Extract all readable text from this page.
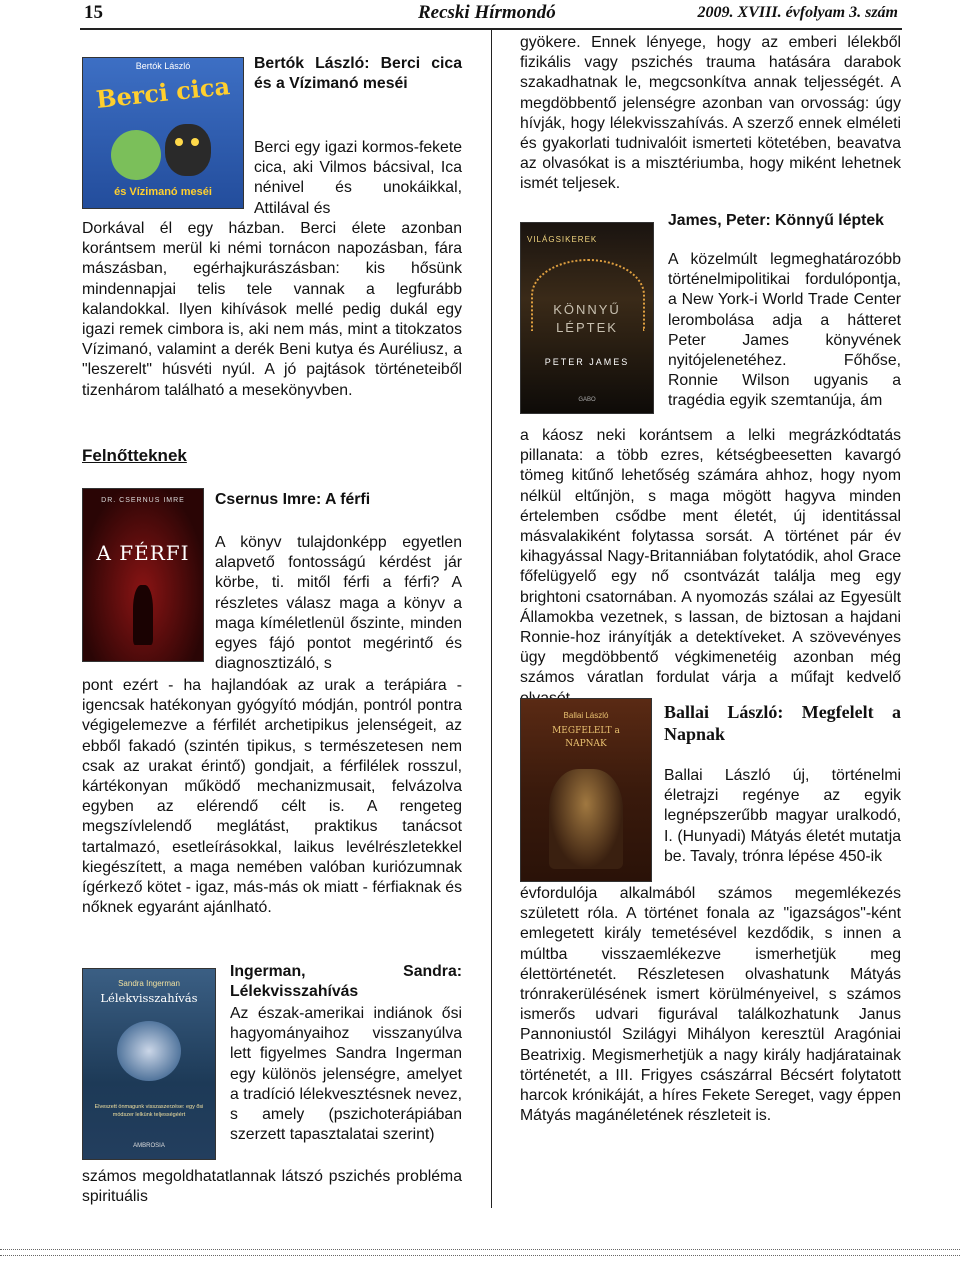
15	Recski Hírmondó	2009. XVIII. évfolyam 3. szám
Bertók László
Berci cica
és Vízimanó meséi
Bertók László: Berci cica és a Vízimanó meséi
Berci egy igazi kormos-fekete cica, aki Vilmos bácsival, Ica nénivel és unokáikkal, Attilával és
Dorkával él egy házban. Berci élete azonban korántsem merül ki némi tornácon napozásban, fára mászásban, egérhajkurászásban: kis hősünk mindennapjai telis tele vannak a legfurább kalandokkal. Ilyen kihívások mellé pedig dukál egy igazi remek cimbora is, aki nem más, mint a titokzatos Vízimanó, valamint a derék Beni kutya és Auréliusz, a "leszerelt" húsvéti nyúl. A jó pajtások történeteiből tizenhárom található a mesekönyvben.
Felnőtteknek
DR. CSERNUS IMRE
A FÉRFI
Csernus Imre: A férfi
A könyv tulajdonképp egyetlen alapvető fontosságú kérdést jár körbe, ti. mitől férfi a férfi? A részletes válasz maga a könyv a maga kíméletlenül őszinte, minden egyes fájó pontot megérintő és diagnosztizáló, s
pont ezért - ha hajlandóak az urak a terápiára - igencsak hatékonyan gyógyító módján, pontról pontra végigelemezve a férfilét archetipikus jelenségeit, az ebből fakadó (szintén tipikus, s természetesen nem csak az urakat érintő) gondjait, a férfilélek rosszul, kártékonyan működő mechanizmusait, felvázolva egyben az elérendő célt is. A rengeteg megszívlelendő meglátást, praktikus tanácsot tartalmazó, esetleírásokkal, laikus levélrészletekkel kiegészített, a maga nemében valóban kuriózumnak ígérkező kötet - igaz, más-más ok miatt - férfiaknak és nőknek egyaránt ajánlható.
Sandra Ingerman
Lélekvisszahívás
Elveszett önmagunk visszaszerzése: egy ősi módszer lelkünk teljességéért
AMBROSIA
Ingerman, Sandra: Lélekvisszahívás
Az észak-amerikai indiánok ősi hagyományaihoz visszanyúlva lett figyelmes Sandra Ingerman egy különös jelenségre, amelyet a tradíció lélekvesztésnek nevez, s amely (pszichoterápiában szerzett tapasztalatai szerint)
számos megoldhatatlannak látszó pszichés probléma spirituális
gyökere. Ennek lényege, hogy az emberi lélekből fizikális vagy pszichés trauma hatására darabok szakadhatnak le, megcsonkítva annak teljességét. A megdöbbentő jelenségre azonban van orvosság: úgy hívják, hogy lélekvisszahívás. A szerző ennek elméleti és gyakorlati tudnivalóit ismerteti kötetében, beavatva az olvasókat is a misztériumba, hogy miként lehetnek ismét teljesek.
VILÁGSIKEREK
KÖNNYŰ LÉPTEK
PETER JAMES
GABO
James, Peter: Könnyű léptek
A közelmúlt legmeghatározóbb történelmipolitikai fordulópontja, a New York-i World Trade Center lerombolása adja a hátteret Peter James könyvének nyitójelenetéhez. Főhőse, Ronnie Wilson ugyanis a tragédia egyik szemtanúja, ám
a káosz neki korántsem a lelki megrázkódtatás pillanata: a több ezres, kétségbeesetten kavargó tömeg kitűnő lehetőség számára ahhoz, hogy nyom nélkül eltűnjön, s maga mögött hagyva minden értelemben csődbe ment életét, új identitással másvalakiként folytassa sorsát. A történet pár év kihagyással Nagy-Britanniában folytatódik, ahol Grace főfelügyelő egy nő csontvázát találja meg egy brightoni csatornában. A nyomozás szálai az Egyesült Államokba vezetnek, s lassan, de biztosan a hajdani Ronnie-hoz irányítják a detektívеket. A szövevényes ügy megdöbbentő végkimenetéig azonban még számos váratlan fordulat várja a műfajt kedvelő
Ballai László
MEGFELELT a NAPNAK
Ballai László: Megfelelt a Napnak
Ballai László új, történelmi életrajzi regénye az egyik legnépszerűbb magyar uralkodó, I. (Hunyadi) Mátyás életét mutatja be. Tavaly, trónra lépése 450-ik
évfordulója alkalmából számos megemlékezés született róla. A történet fonala az "igazságos"-ként emlegetett király temetésével kezdődik, s innen a múltba visszaemlékezve ismerhetjük meg élettörténetét. Részletesen olvashatunk Mátyás trónrakerülésének ismert körülményeivel, s számos ismerős udvari figurával találkozhatunk Janus Pannoniustól Szilágyi Mihályon keresztül Aragóniai Beatrixig. Megismerhetjük a nagy király hadjáratainak történetét, a III. Frigyes császárral Bécsért folytatott harcok krónikáját, a híres Fekete Sereget, vagy éppen Mátyás magánéletének részleteit is.
